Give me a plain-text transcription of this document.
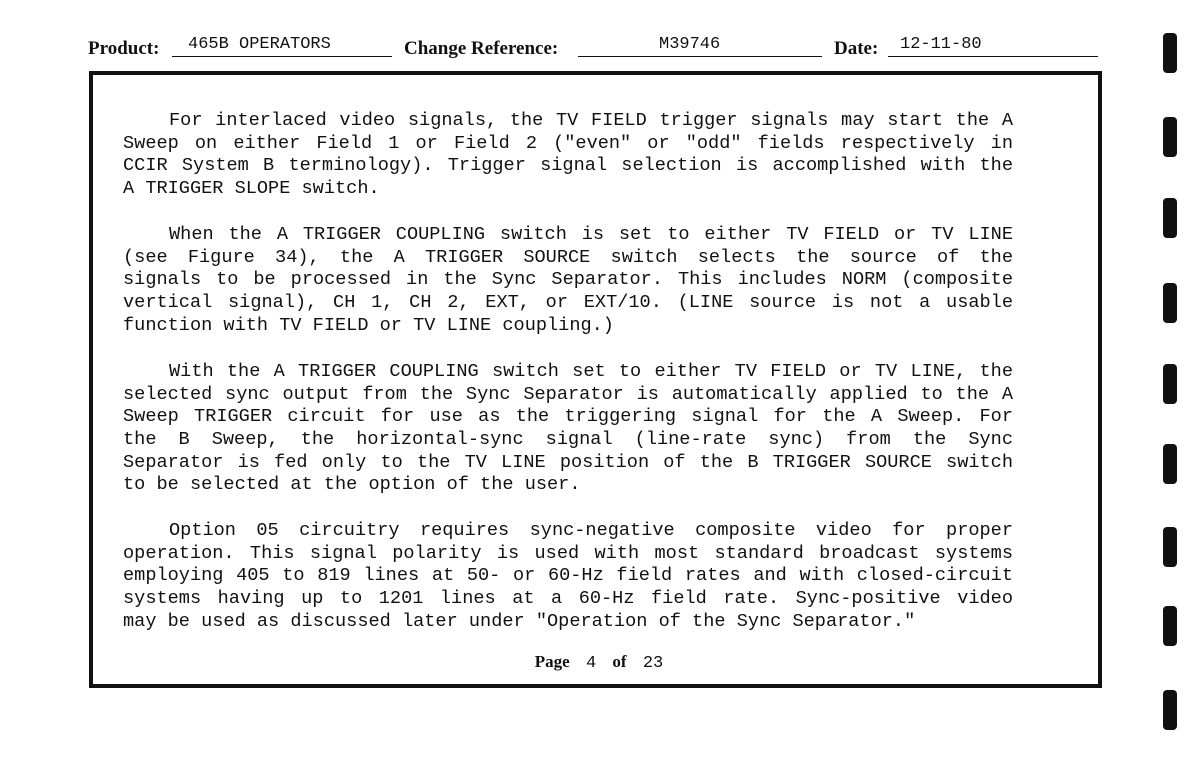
Product: 465B OPERATORS	Change Reference:	M39746	Date: 12-11-80
For interlaced video signals, the TV FIELD trigger signals may start the A
Sweep on either Field 1 or Field 2 ("even" or "odd" fields respectively in
CCIR System B terminology). Trigger signal selection is accomplished with the
A TRIGGER SLOPE switch.
When the A TRIGGER COUPLING switch is set to either TV FIELD or TV LINE
(see Figure 34), the A TRIGGER SOURCE switch selects the source of the
signals to be processed in the Sync Separator. This includes NORM (composite
vertical signal), CH 1, CH 2, EXT, or EXT/10. (LINE source is not a usable
function with TV FIELD or TV LINE coupling.)
With the A TRIGGER COUPLING switch set to either TV FIELD or TV LINE, the
selected sync output from the Sync Separator is automatically applied to the A
Sweep TRIGGER circuit for use as the triggering signal for the A Sweep. For
the B Sweep, the horizontal-sync signal (line-rate sync) from the Sync
Separator is fed only to the TV LINE position of the B TRIGGER SOURCE switch
to be selected at the option of the user.
Option 05 circuitry requires sync-negative composite video for proper
operation. This signal polarity is used with most standard broadcast systems
employing 405 to 819 lines at 50- or 60-Hz field rates and with closed-circuit
systems having up to 1201 lines at a 60-Hz field rate. Sync-positive video
may be used as discussed later under "Operation of the Sync Separator."
Page 4 of 23
